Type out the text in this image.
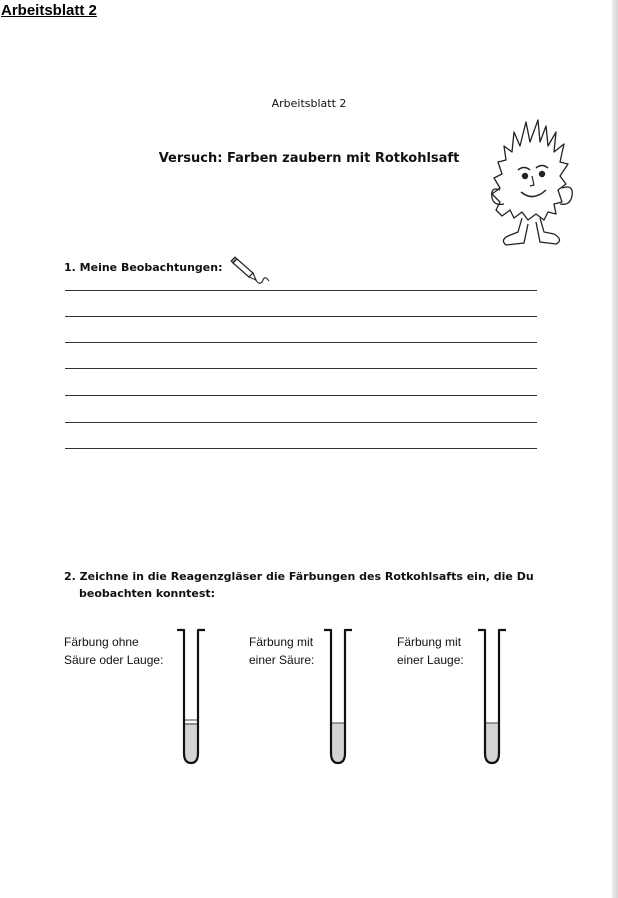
Arbeitsblatt 2
Arbeitsblatt 2
Versuch: Farben zaubern mit Rotkohlsaft
1. Meine Beobachtungen:
2. Zeichne in die Reagenzgläser die Färbungen des Rotkohlsafts ein, die Du
beobachten konntest:
Färbung ohne
Säure oder Lauge:
Färbung mit
einer Säure:
Färbung mit
einer Lauge:
